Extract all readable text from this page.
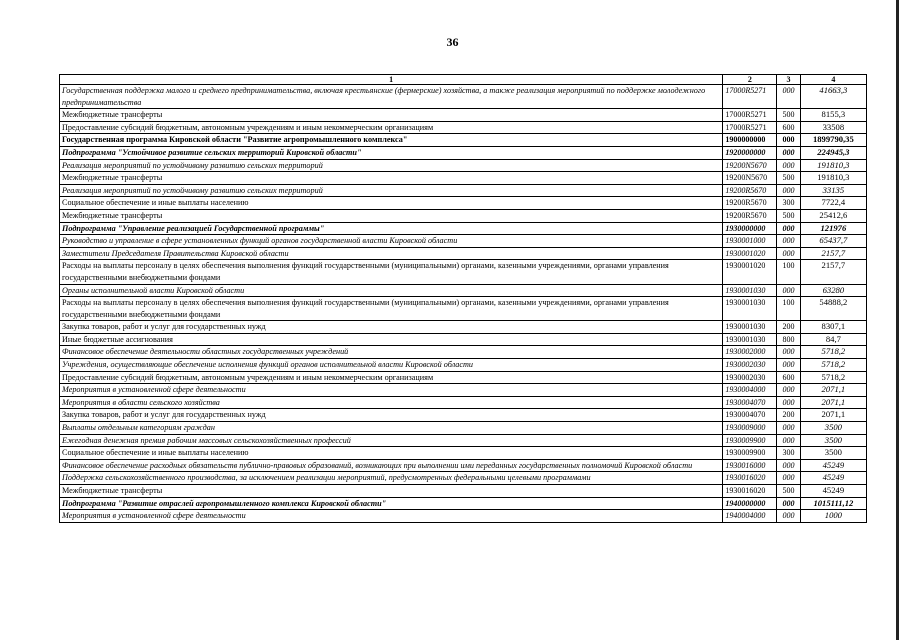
36
1	2	3	4
Государственная поддержка малого и среднего предпринимательства, включая крестьянские (фермерские) хозяйства, а также реализация мероприятий по поддержке молодежного предпринимательства	17000R5271	000	41663,3
Межбюджетные трансферты	17000R5271	500	8155,3
Предоставление субсидий бюджетным, автономным учреждениям и иным некоммерческим организациям	17000R5271	600	33508
Государственная программа Кировской области "Развитие агропромышленного комплекса"	1900000000	000	1899790,35
Подпрограмма "Устойчивое развитие сельских территорий Кировской области"	1920000000	000	224945,3
Реализация мероприятий по устойчивому развитию сельских территорий	19200N5670	000	191810,3
Межбюджетные трансферты	19200N5670	500	191810,3
Реализация мероприятий по устойчивому развитию сельских территорий	19200R5670	000	33135
Социальное обеспечение и иные выплаты населению	19200R5670	300	7722,4
Межбюджетные трансферты	19200R5670	500	25412,6
Подпрограмма "Управление реализацией Государственной программы"	1930000000	000	121976
Руководство и управление в сфере установленных функций органов государственной власти Кировской области	1930001000	000	65437,7
Заместители Председателя Правительства Кировской области	1930001020	000	2157,7
Расходы на выплаты персоналу в целях обеспечения выполнения функций государственными (муниципальными) органами, казенными учреждениями, органами управления государственными внебюджетными фондами	1930001020	100	2157,7
Органы исполнительной власти Кировской области	1930001030	000	63280
Расходы на выплаты персоналу в целях обеспечения выполнения функций государственными (муниципальными) органами, казенными учреждениями, органами управления государственными внебюджетными фондами	1930001030	100	54888,2
Закупка товаров, работ и услуг для государственных нужд	1930001030	200	8307,1
Иные бюджетные ассигнования	1930001030	800	84,7
Финансовое обеспечение деятельности областных государственных учреждений	1930002000	000	5718,2
Учреждения, осуществляющие обеспечение исполнения функций органов исполнительной власти Кировской области	1930002030	000	5718,2
Предоставление субсидий бюджетным, автономным учреждениям и иным некоммерческим организациям	1930002030	600	5718,2
Мероприятия в установленной сфере деятельности	1930004000	000	2071,1
Мероприятия в области сельского хозяйства	1930004070	000	2071,1
Закупка товаров, работ и услуг для государственных нужд	1930004070	200	2071,1
Выплаты отдельным категориям граждан	1930009000	000	3500
Ежегодная денежная премия рабочим массовых сельскохозяйственных профессий	1930009900	000	3500
Социальное обеспечение и иные выплаты населению	1930009900	300	3500
Финансовое обеспечение расходных обязательств публично-правовых образований, возникающих при выполнении ими переданных государственных полномочий Кировской области	1930016000	000	45249
Поддержка сельскохозяйственного производства, за исключением реализации мероприятий, предусмотренных федеральными целевыми программами	1930016020	000	45249
Межбюджетные трансферты	1930016020	500	45249
Подпрограмма "Развитие отраслей агропромышленного комплекса Кировской области"	1940000000	000	1015111,12
Мероприятия в установленной сфере деятельности	1940004000	000	1000
